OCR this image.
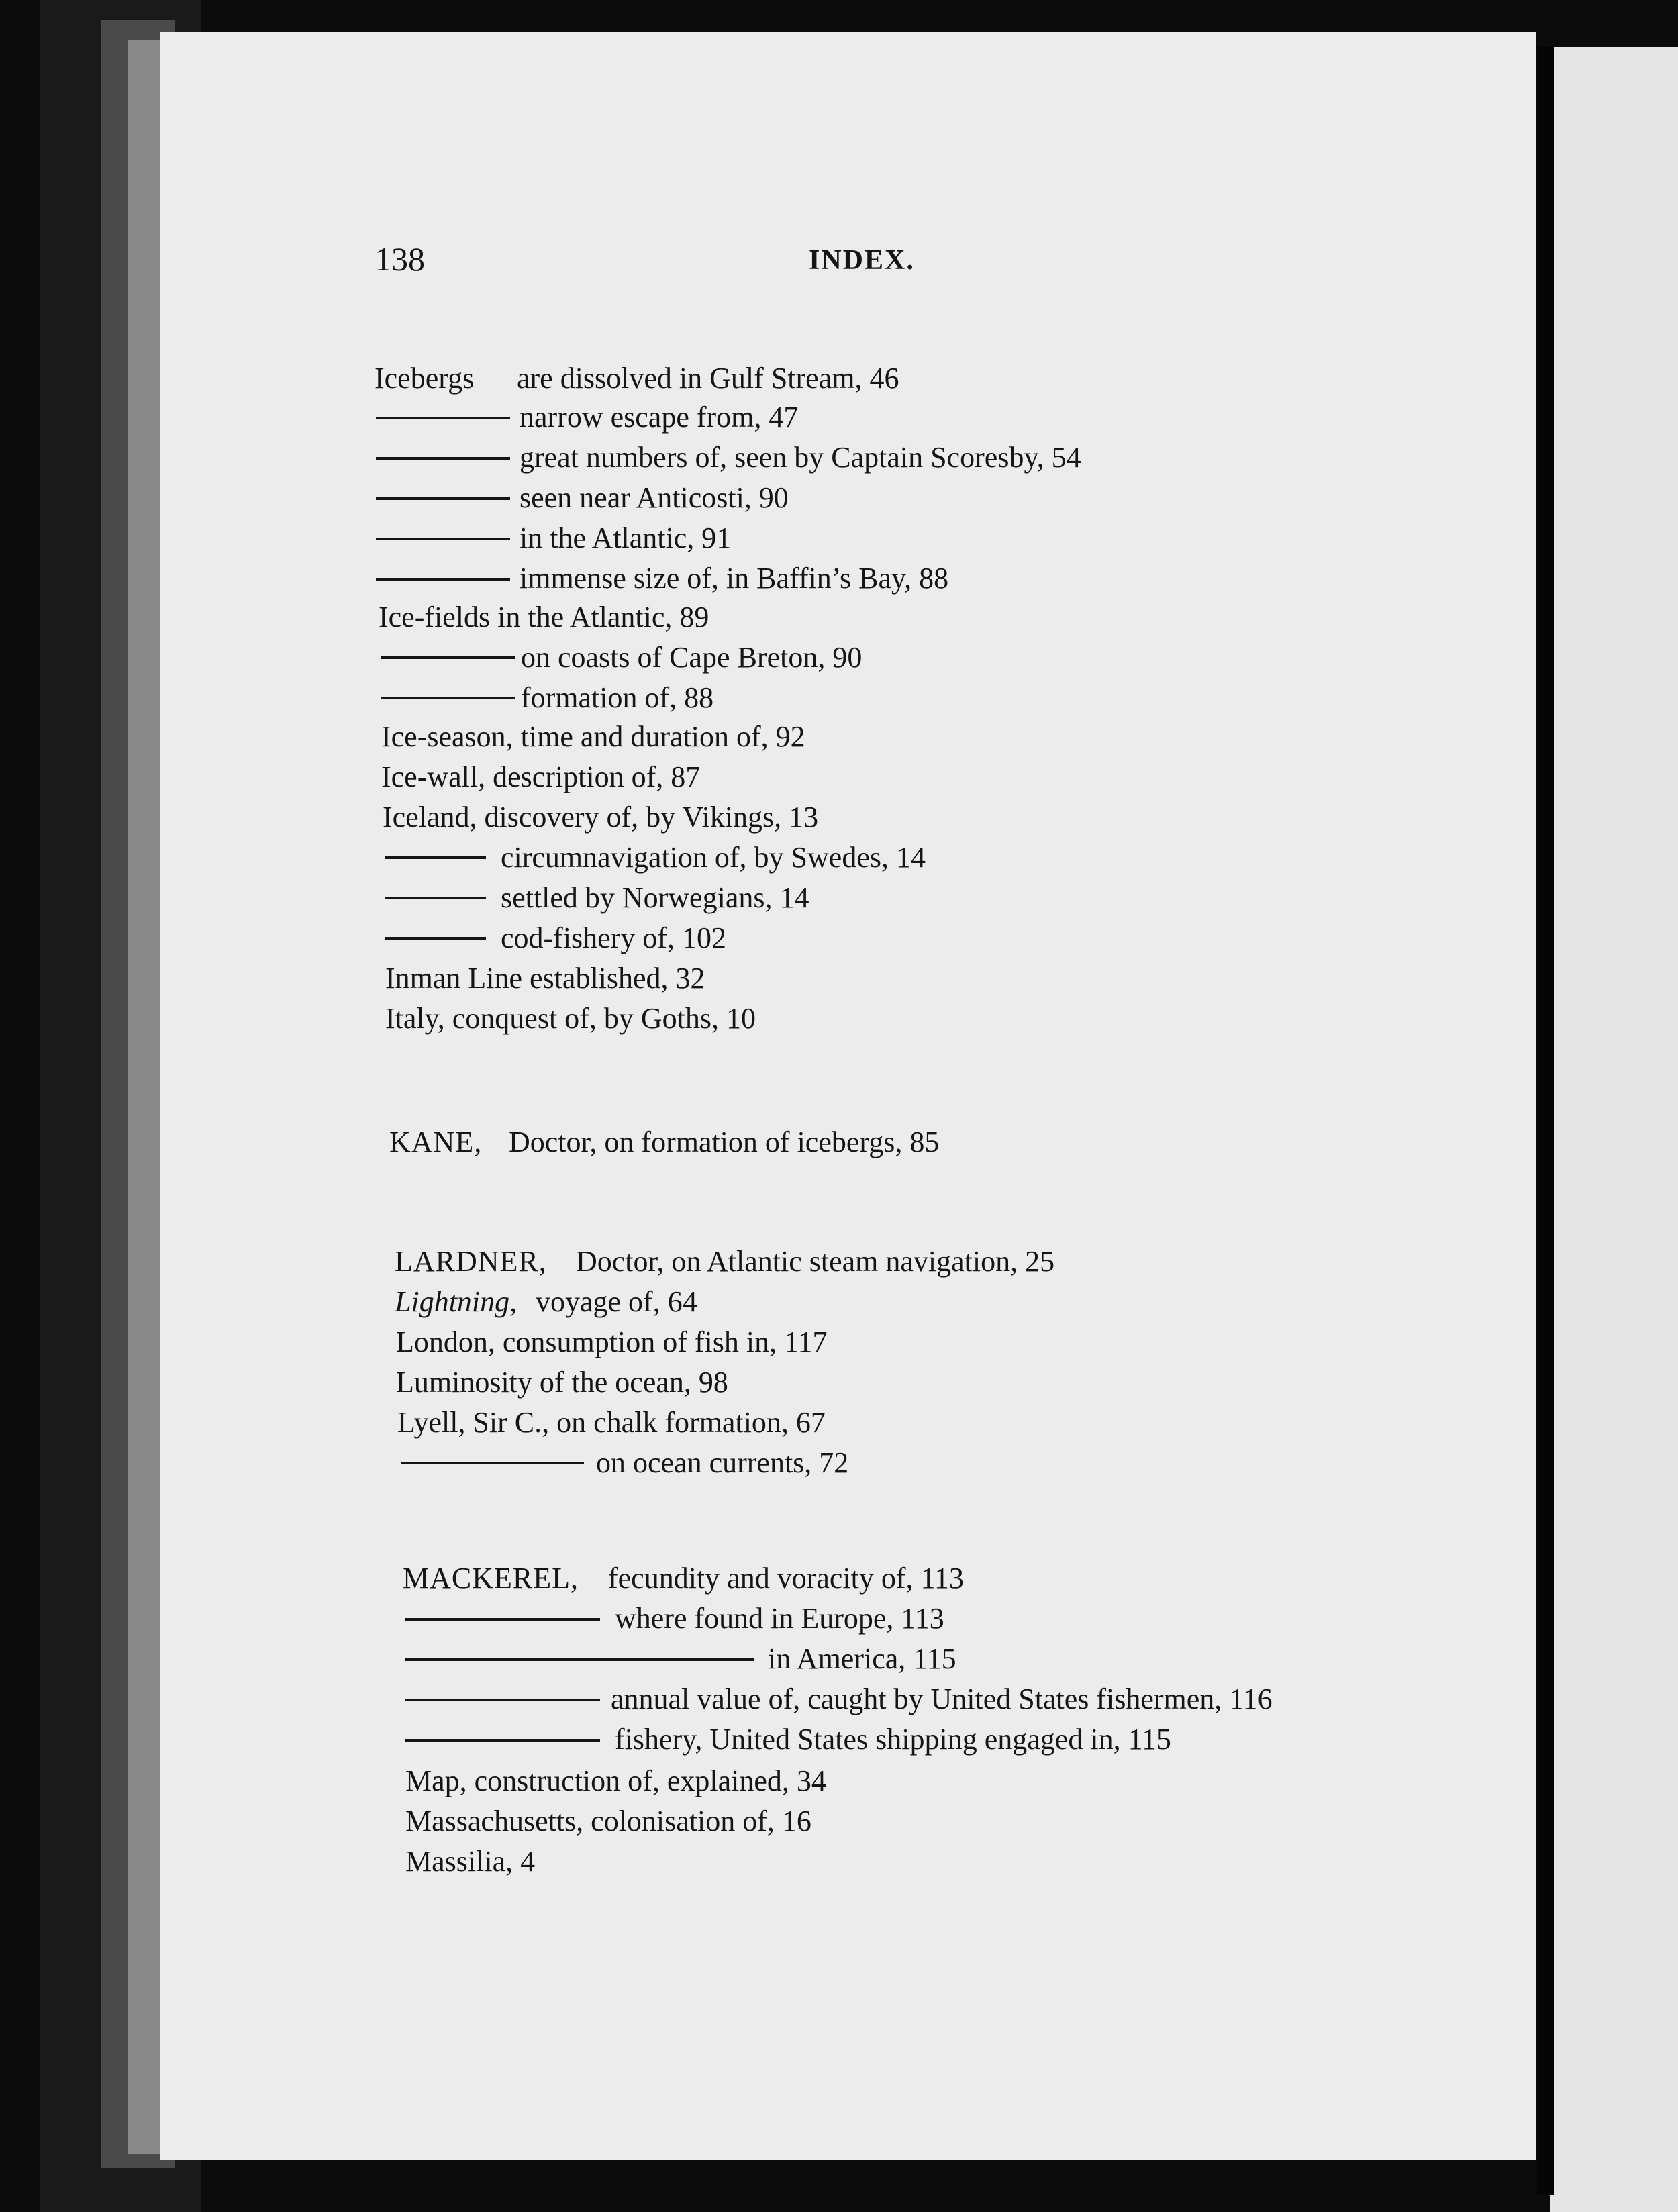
138	INDEX.
Icebergs are dissolved in Gulf Stream, 46
narrow escape from, 47
great numbers of, seen by Captain Scoresby, 54
seen near Anticosti, 90
in the Atlantic, 91
immense size of, in Baffin’s Bay, 88
Ice-fields in the Atlantic, 89
on coasts of Cape Breton, 90
formation of, 88
Ice-season, time and duration of, 92
Ice-wall, description of, 87
Iceland, discovery of, by Vikings, 13
circumnavigation of, by Swedes, 14
settled by Norwegians, 14
cod-fishery of, 102
Inman Line established, 32
Italy, conquest of, by Goths, 10
KANE, Doctor, on formation of icebergs, 85
LARDNER, Doctor, on Atlantic steam navigation, 25
Lightning, voyage of, 64
London, consumption of fish in, 117
Luminosity of the ocean, 98
Lyell, Sir C., on chalk formation, 67
on ocean currents, 72
MACKEREL, fecundity and voracity of, 113
where found in Europe, 113
in America, 115
annual value of, caught by United States fishermen, 116
fishery, United States shipping engaged in, 115
Map, construction of, explained, 34
Massachusetts, colonisation of, 16
Massilia, 4
